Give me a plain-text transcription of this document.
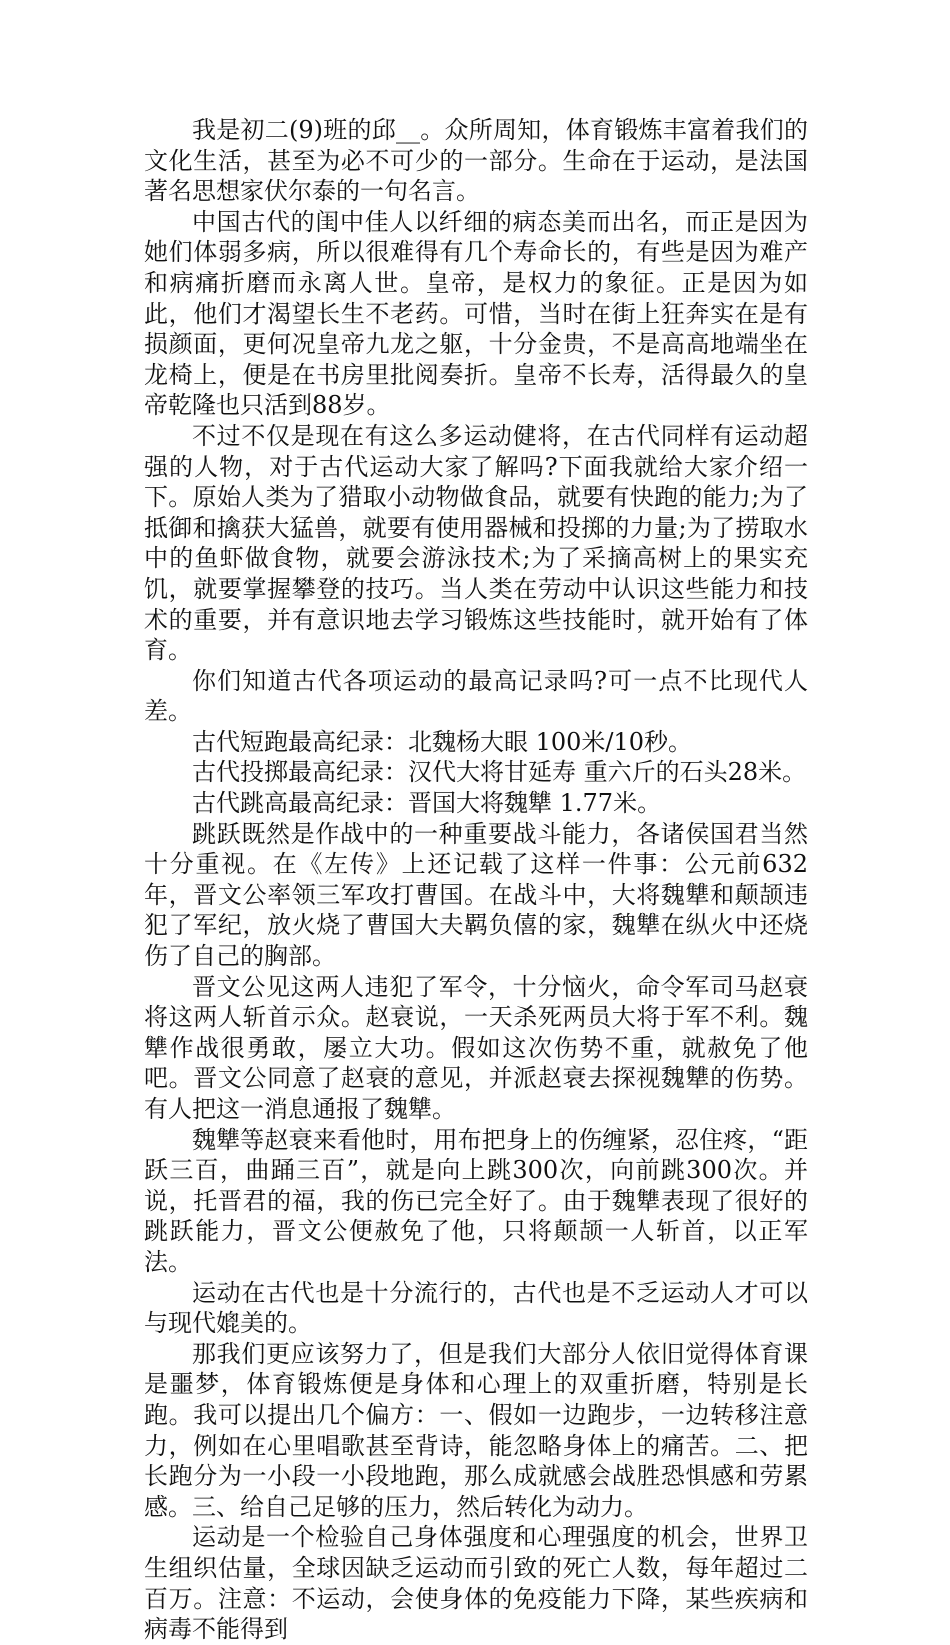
我是初二(9)班的邱__。众所周知，体育锻炼丰富着我们的文化生活，甚至为必不可少的一部分。生命在于运动，是法国著名思想家伏尔泰的一句名言。

中国古代的闺中佳人以纤细的病态美而出名，而正是因为她们体弱多病，所以很难得有几个寿命长的，有些是因为难产和病痛折磨而永离人世。皇帝，是权力的象征。正是因为如此，他们才渴望长生不老药。可惜，当时在街上狂奔实在是有损颜面，更何况皇帝九龙之躯，十分金贵，不是高高地端坐在龙椅上，便是在书房里批阅奏折。皇帝不长寿，活得最久的皇帝乾隆也只活到88岁。

不过不仅是现在有这么多运动健将，在古代同样有运动超强的人物，对于古代运动大家了解吗?下面我就给大家介绍一下。原始人类为了猎取小动物做食品，就要有快跑的能力;为了抵御和擒获大猛兽，就要有使用器械和投掷的力量;为了捞取水中的鱼虾做食物，就要会游泳技术;为了采摘高树上的果实充饥，就要掌握攀登的技巧。当人类在劳动中认识这些能力和技术的重要，并有意识地去学习锻炼这些技能时，就开始有了体育。

你们知道古代各项运动的最高记录吗?可一点不比现代人差。

古代短跑最高纪录：北魏杨大眼 100米/10秒。

古代投掷最高纪录：汉代大将甘延寿 重六斤的石头28米。

古代跳高最高纪录：晋国大将魏犨 1.77米。

跳跃既然是作战中的一种重要战斗能力，各诸侯国君当然十分重视。在《左传》上还记载了这样一件事：公元前632年，晋文公率领三军攻打曹国。在战斗中，大将魏犨和颠颉违犯了军纪，放火烧了曹国大夫羁负僖的家，魏犨在纵火中还烧伤了自己的胸部。

晋文公见这两人违犯了军令，十分恼火，命令军司马赵衰将这两人斩首示众。赵衰说，一天杀死两员大将于军不利。魏犨作战很勇敢，屡立大功。假如这次伤势不重，就赦免了他吧。晋文公同意了赵衰的意见，并派赵衰去探视魏犨的伤势。有人把这一消息通报了魏犨。

魏犨等赵衰来看他时，用布把身上的伤缠紧，忍住疼，“距跃三百，曲踊三百”，就是向上跳300次，向前跳300次。并说，托晋君的福，我的伤已完全好了。由于魏犨表现了很好的跳跃能力，晋文公便赦免了他，只将颠颉一人斩首，以正军法。

运动在古代也是十分流行的，古代也是不乏运动人才可以与现代媲美的。

那我们更应该努力了，但是我们大部分人依旧觉得体育课是噩梦，体育锻炼便是身体和心理上的双重折磨，特别是长跑。我可以提出几个偏方：一、假如一边跑步，一边转移注意力，例如在心里唱歌甚至背诗，能忽略身体上的痛苦。二、把长跑分为一小段一小段地跑，那么成就感会战胜恐惧感和劳累感。三、给自己足够的压力，然后转化为动力。

运动是一个检验自己身体强度和心理强度的机会，世界卫生组织估量，全球因缺乏运动而引致的死亡人数，每年超过二百万。注意：不运动，会使身体的免疫能力下降，某些疾病和病毒不能得到
